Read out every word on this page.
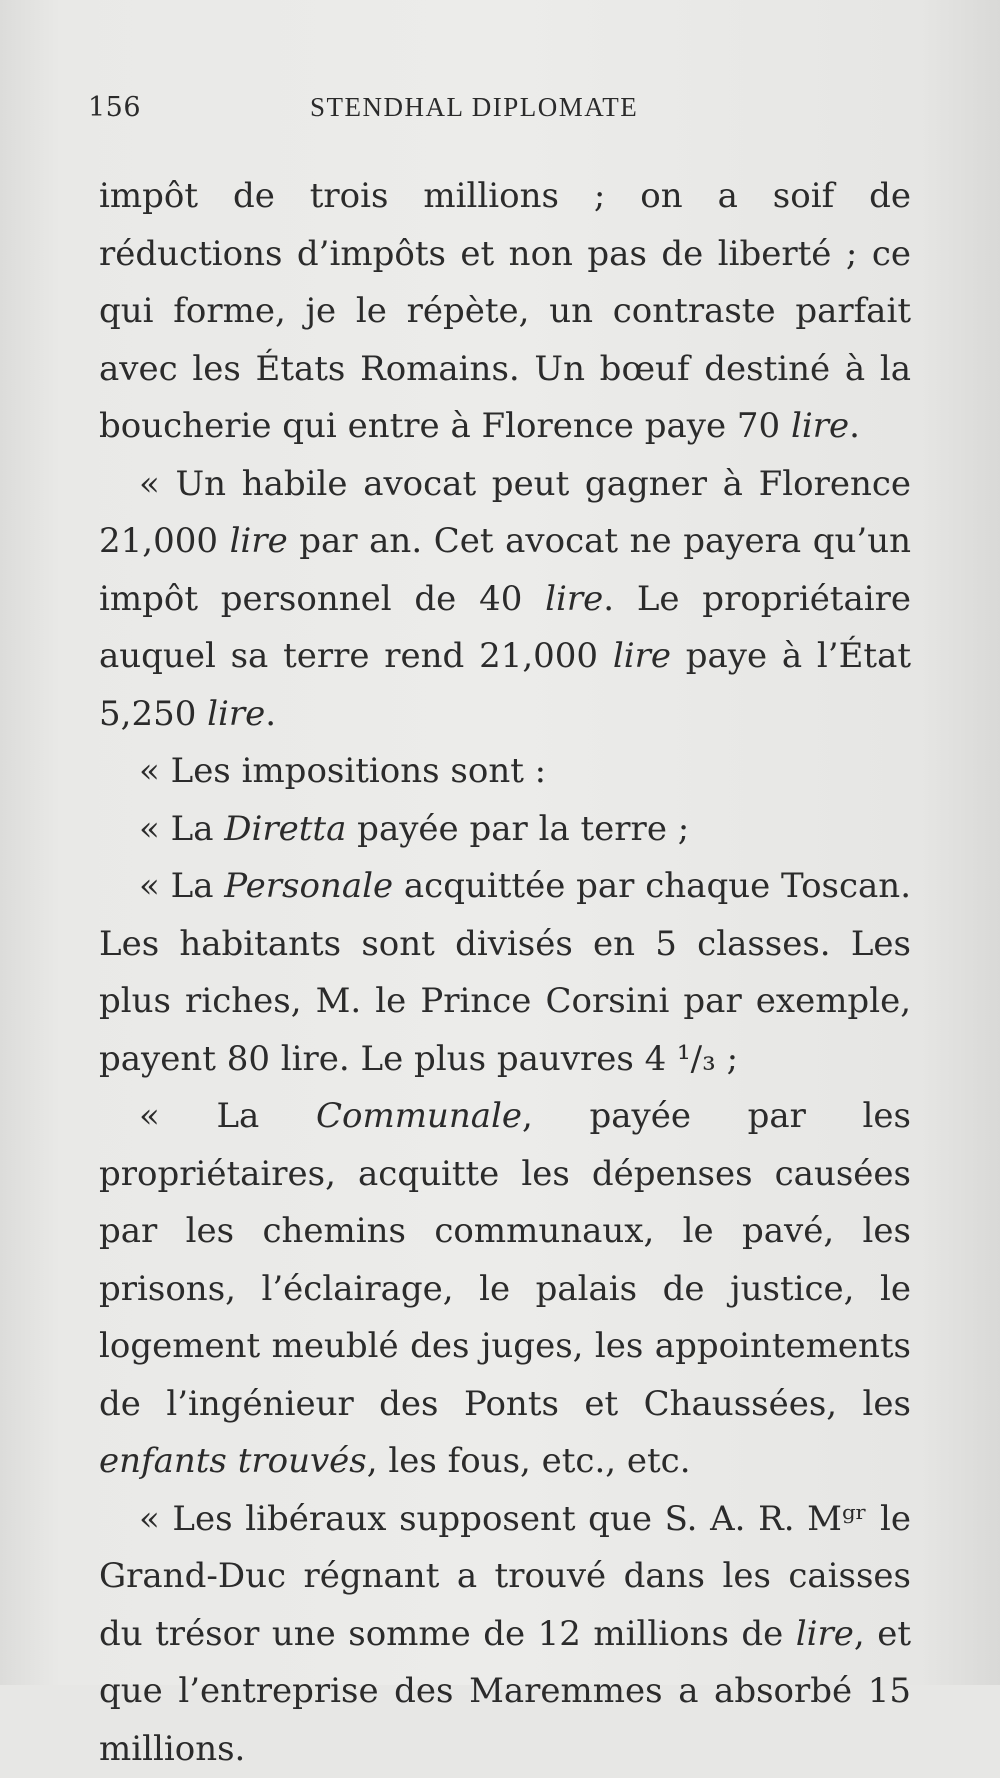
156	STENDHAL DIPLOMATE

impôt de trois millions ; on a soif de réductions d’impôts et non pas de liberté ; ce qui forme, je le répète, un contraste parfait avec les États Romains. Un bœuf destiné à la boucherie qui entre à Florence paye 70 lire.

« Un habile avocat peut gagner à Florence 21,000 lire par an. Cet avocat ne payera qu’un impôt personnel de 40 lire. Le propriétaire auquel sa terre rend 21,000 lire paye à l’État 5,250 lire.

« Les impositions sont :

« La Diretta payée par la terre ;

« La Personale acquittée par chaque Toscan. Les habitants sont divisés en 5 classes. Les plus riches, M. le Prince Corsini par exemple, payent 80 lire. Le plus pauvres 4 ¹/₃ ;

« La Communale, payée par les propriétaires, acquitte les dépenses causées par les chemins communaux, le pavé, les prisons, l’éclairage, le palais de justice, le logement meublé des juges, les appointements de l’ingénieur des Ponts et Chaussées, les enfants trouvés, les fous, etc., etc.

« Les libéraux supposent que S. A. R. Mᵍʳ le Grand-Duc régnant a trouvé dans les caisses du trésor une somme de 12 millions de lire, et que l’entreprise des Maremmes a absorbé 15 millions.
